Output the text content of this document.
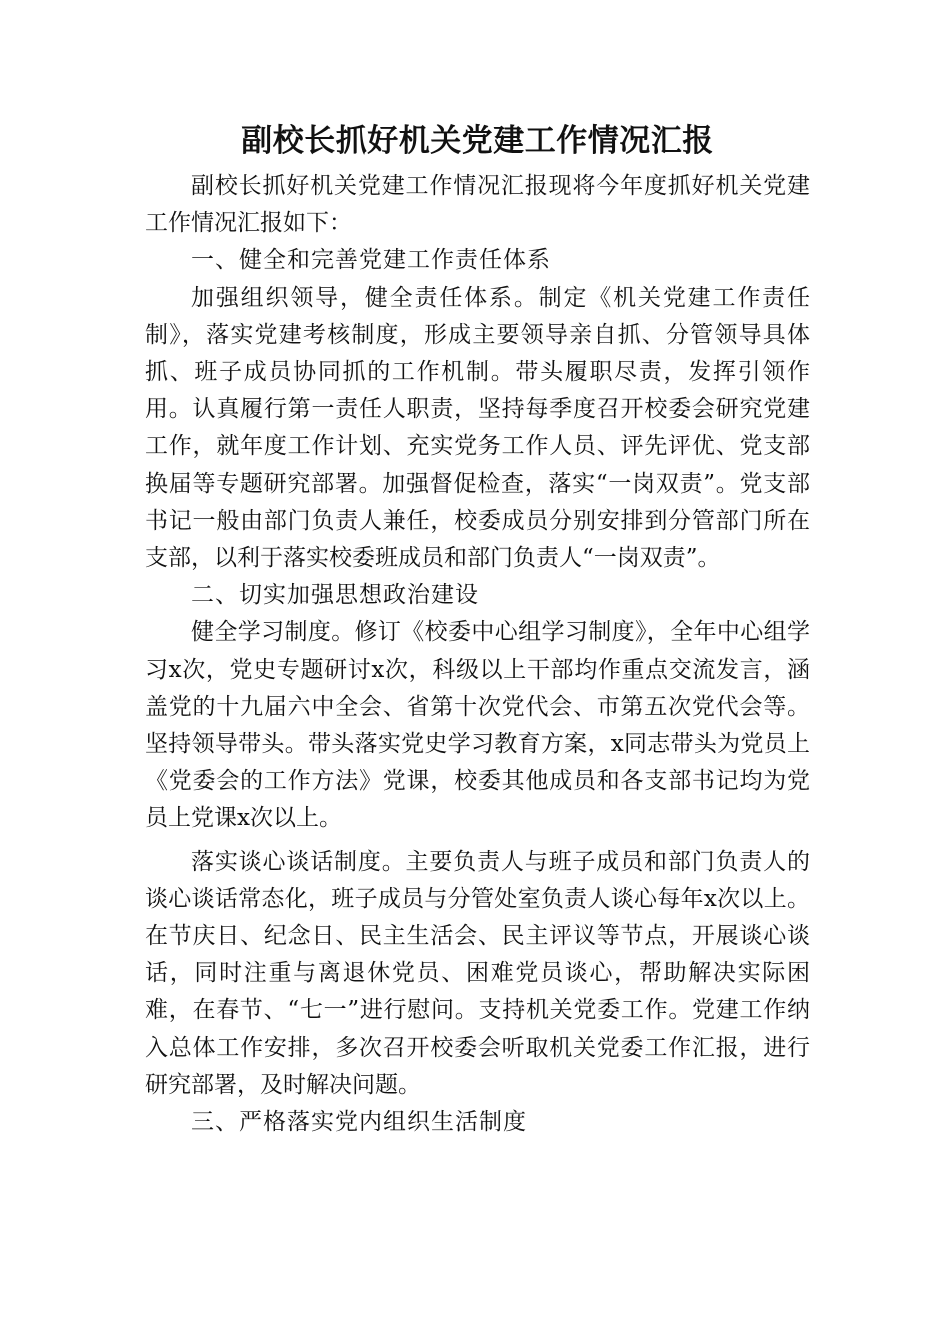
副校长抓好机关党建工作情况汇报

副校长抓好机关党建工作情况汇报现将今年度抓好机关党建工作情况汇报如下：

一、健全和完善党建工作责任体系

加强组织领导，健全责任体系。制定《机关党建工作责任制》，落实党建考核制度，形成主要领导亲自抓、分管领导具体抓、班子成员协同抓的工作机制。带头履职尽责，发挥引领作用。认真履行第一责任人职责，坚持每季度召开校委会研究党建工作，就年度工作计划、充实党务工作人员、评先评优、党支部换届等专题研究部署。加强督促检查，落实“一岗双责”。党支部书记一般由部门负责人兼任，校委成员分别安排到分管部门所在支部，以利于落实校委班成员和部门负责人“一岗双责”。

二、切实加强思想政治建设

健全学习制度。修订《校委中心组学习制度》，全年中心组学习x次，党史专题研讨x次，科级以上干部均作重点交流发言，涵盖党的十九届六中全会、省第十次党代会、市第五次党代会等。坚持领导带头。带头落实党史学习教育方案，x同志带头为党员上《党委会的工作方法》党课，校委其他成员和各支部书记均为党员上党课x次以上。

落实谈心谈话制度。主要负责人与班子成员和部门负责人的谈心谈话常态化，班子成员与分管处室负责人谈心每年x次以上。在节庆日、纪念日、民主生活会、民主评议等节点，开展谈心谈话，同时注重与离退休党员、困难党员谈心，帮助解决实际困难，在春节、“七一”进行慰问。支持机关党委工作。党建工作纳入总体工作安排，多次召开校委会听取机关党委工作汇报，进行研究部署，及时解决问题。

三、严格落实党内组织生活制度
